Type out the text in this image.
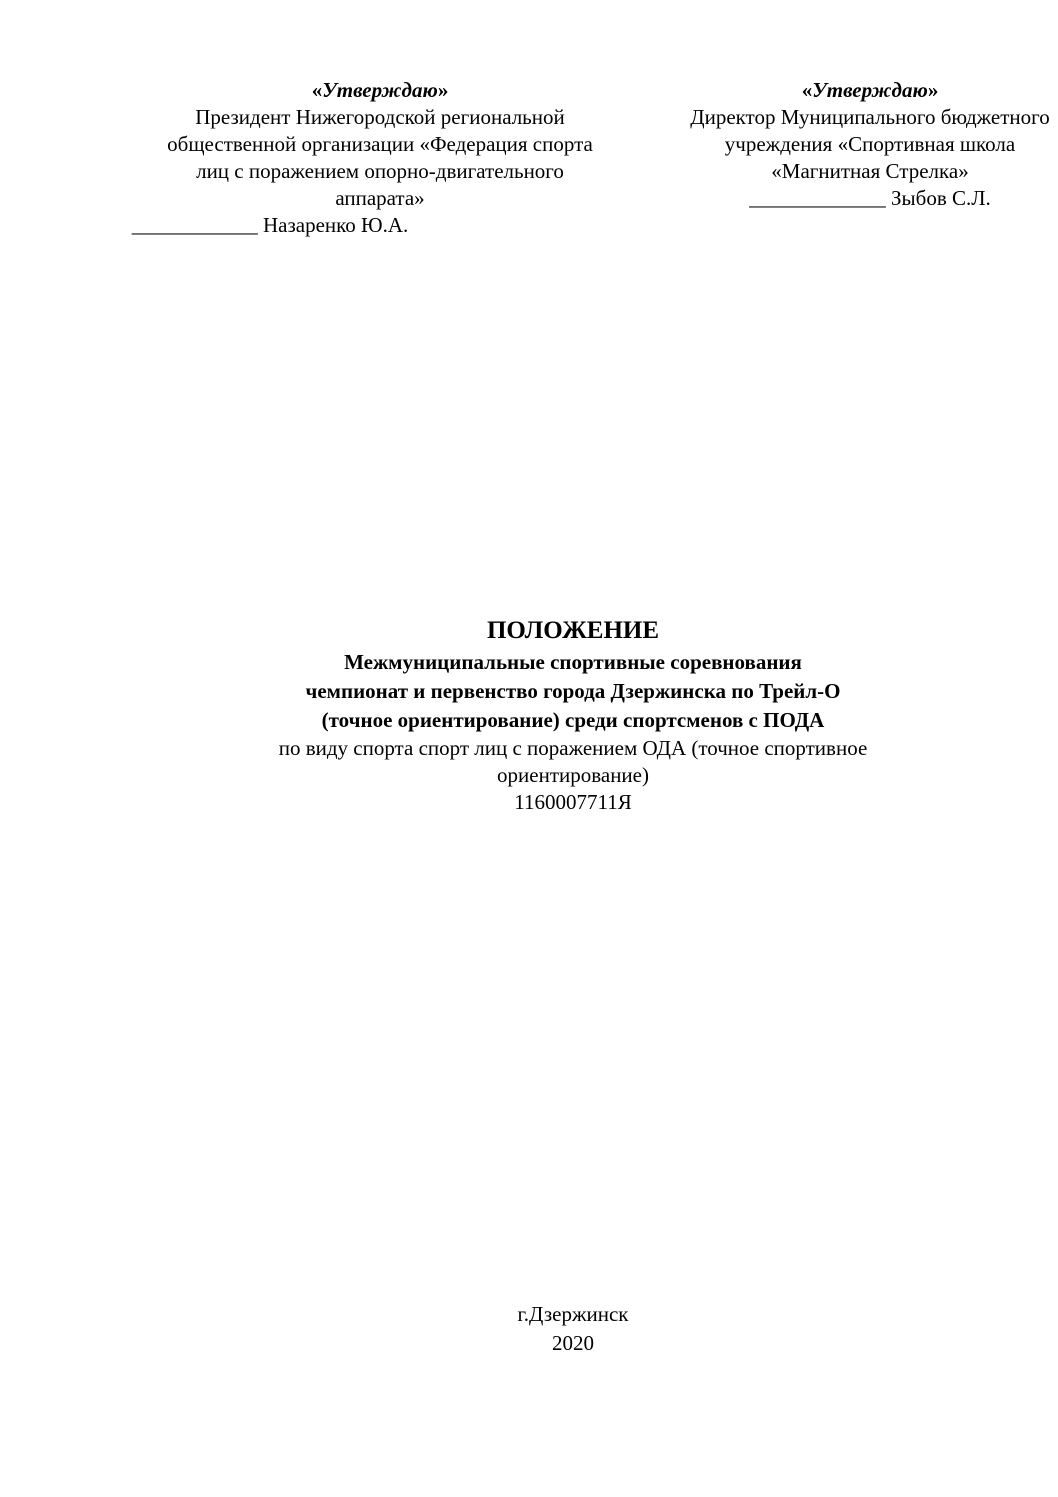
«Утверждаю»
Президент Нижегородской региональной
общественной организации «Федерация спорта
лиц с поражением опорно-двигательного
аппарата»
____________ Назаренко Ю.А.
«Утверждаю»
Директор Муниципального бюджетного
учреждения «Спортивная школа
«Магнитная Стрелка»
_____________ Зыбов С.Л.
ПОЛОЖЕНИЕ
Межмуниципальные спортивные соревнования
чемпионат и первенство города Дзержинска по Трейл-О
(точное ориентирование) среди спортсменов с ПОДА
по виду спорта спорт лиц с поражением ОДА (точное спортивное
ориентирование)
1160007711Я
г.Дзержинск
2020
